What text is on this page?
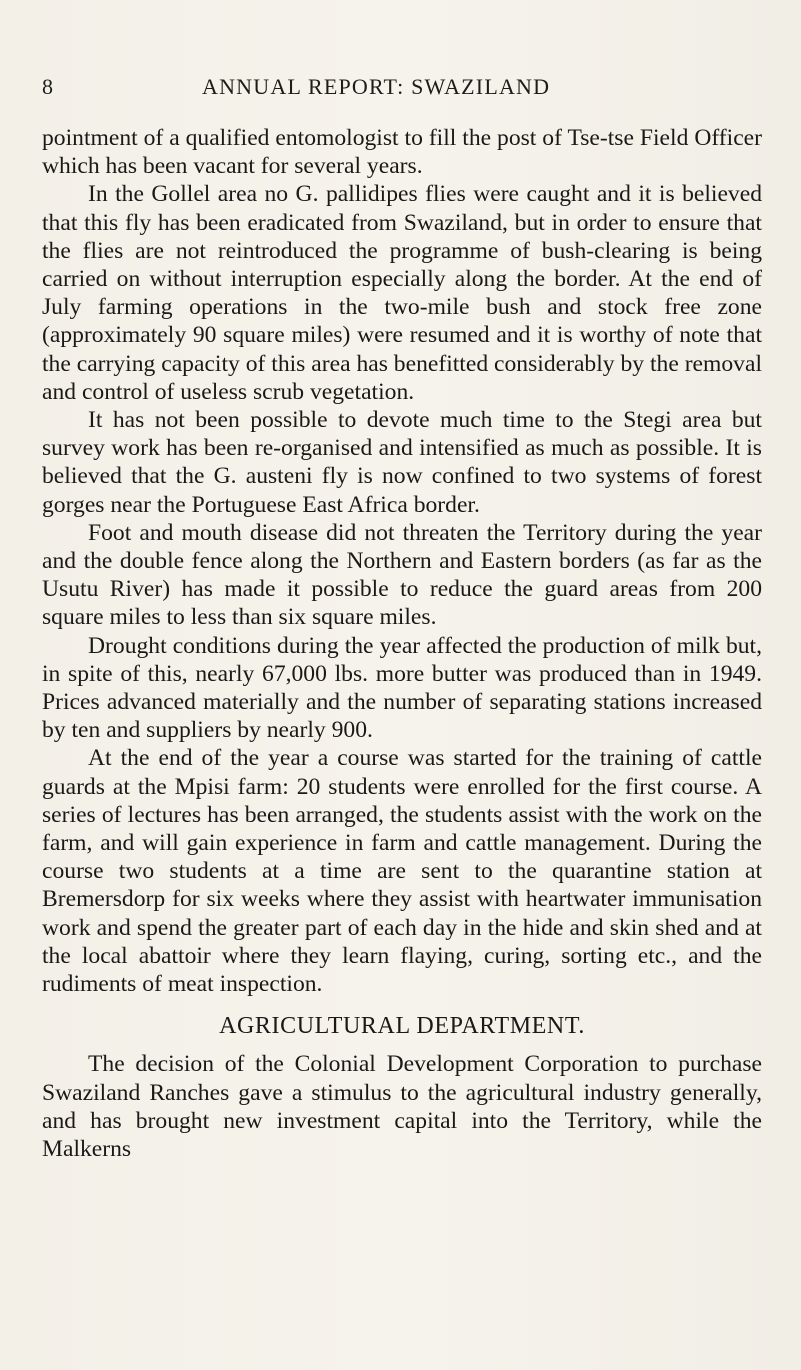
8	ANNUAL REPORT: SWAZILAND

pointment of a qualified entomologist to fill the post of Tse-tse Field Officer which has been vacant for several years.

In the Gollel area no G. pallidipes flies were caught and it is believed that this fly has been eradicated from Swaziland, but in order to ensure that the flies are not reintroduced the programme of bush-clearing is being carried on without interruption especially along the border. At the end of July farming operations in the two-mile bush and stock free zone (approximately 90 square miles) were resumed and it is worthy of note that the carrying capacity of this area has benefitted considerably by the removal and control of useless scrub vegetation.

It has not been possible to devote much time to the Stegi area but survey work has been re-organised and intensified as much as possible. It is believed that the G. austeni fly is now confined to two systems of forest gorges near the Portuguese East Africa border.

Foot and mouth disease did not threaten the Territory during the year and the double fence along the Northern and Eastern borders (as far as the Usutu River) has made it possible to reduce the guard areas from 200 square miles to less than six square miles.

Drought conditions during the year affected the production of milk but, in spite of this, nearly 67,000 lbs. more butter was produced than in 1949. Prices advanced materially and the number of separating stations increased by ten and suppliers by nearly 900.

At the end of the year a course was started for the training of cattle guards at the Mpisi farm: 20 students were enrolled for the first course. A series of lectures has been arranged, the students assist with the work on the farm, and will gain experience in farm and cattle management. During the course two students at a time are sent to the quarantine station at Bremersdorp for six weeks where they assist with heartwater immunisation work and spend the greater part of each day in the hide and skin shed and at the local abattoir where they learn flaying, curing, sorting etc., and the rudiments of meat inspection.

AGRICULTURAL DEPARTMENT.

The decision of the Colonial Development Corporation to purchase Swaziland Ranches gave a stimulus to the agricultural industry generally, and has brought new investment capital into the Territory, while the Malkerns
